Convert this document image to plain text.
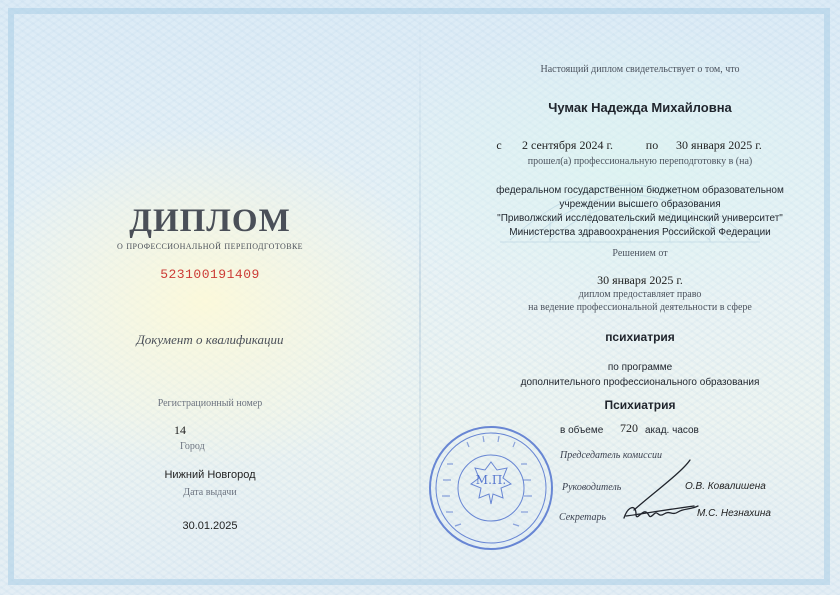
ДИПЛОМ
о профессиональной переподготовке
523100191409
Документ о квалификации
Регистрационный номер
14
Город
Нижний Новгород
Дата выдачи
30.01.2025
Настоящий диплом свидетельствует о том, что
Чумак Надежда Михайловна
с 2 сентября 2024 г.	по	30 января 2025 г.
прошел(а) профессиональную переподготовку в (на)
федеральном государственном бюджетном образовательном
учреждении высшего образования
"Приволжский исследовательский медицинский университет"
Министерства здравоохранения Российской Федерации
Решением от
30 января 2025 г.
диплом предоставляет право
на ведение профессиональной деятельности в сфере
психиатрия
по программе
дополнительного профессионального образования
Психиатрия
в объеме	720 акад. часов
Председатель комиссии
Руководитель	О.В. Ковалишена
Секретарь	М.С. Незнахина
М.П.
